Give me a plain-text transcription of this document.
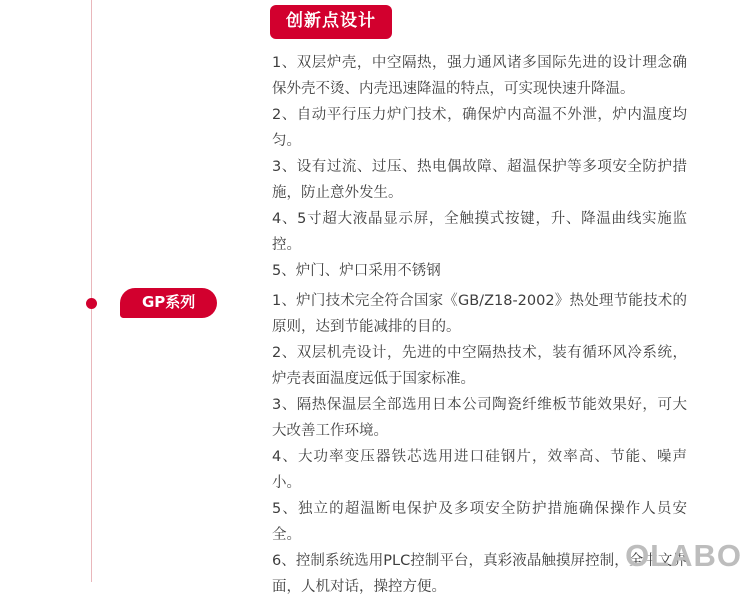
创新点设计
GP系列

1、双层炉壳，中空隔热，强力通风诸多国际先进的设计理念确保外壳不烫、内壳迅速降温的特点，可实现快速升降温。

2、自动平行压力炉门技术，确保炉内高温不外泄，炉内温度均匀。

3、设有过流、过压、热电偶故障、超温保护等多项安全防护措施，防止意外发生。

4、5寸超大液晶显示屏，全触摸式按键，升、降温曲线实施监控。

5、炉门、炉口采用不锈钢

1、炉门技术完全符合国家《GB/Z18-2002》热处理节能技术的原则，达到节能减排的目的。

2、双层机壳设计，先进的中空隔热技术，装有循环风冷系统，炉壳表面温度远低于国家标准。

3、隔热保温层全部选用日本公司陶瓷纤维板节能效果好，可大大改善工作环境。

4、大功率变压器铁芯选用进口硅钢片，效率高、节能、噪声小。

5、独立的超温断电保护及多项安全防护措施确保操作人员安全。

6、控制系统选用PLC控制平台，真彩液晶触摸屏控制，全中文界面，人机对话，操控方便。

OLABO
